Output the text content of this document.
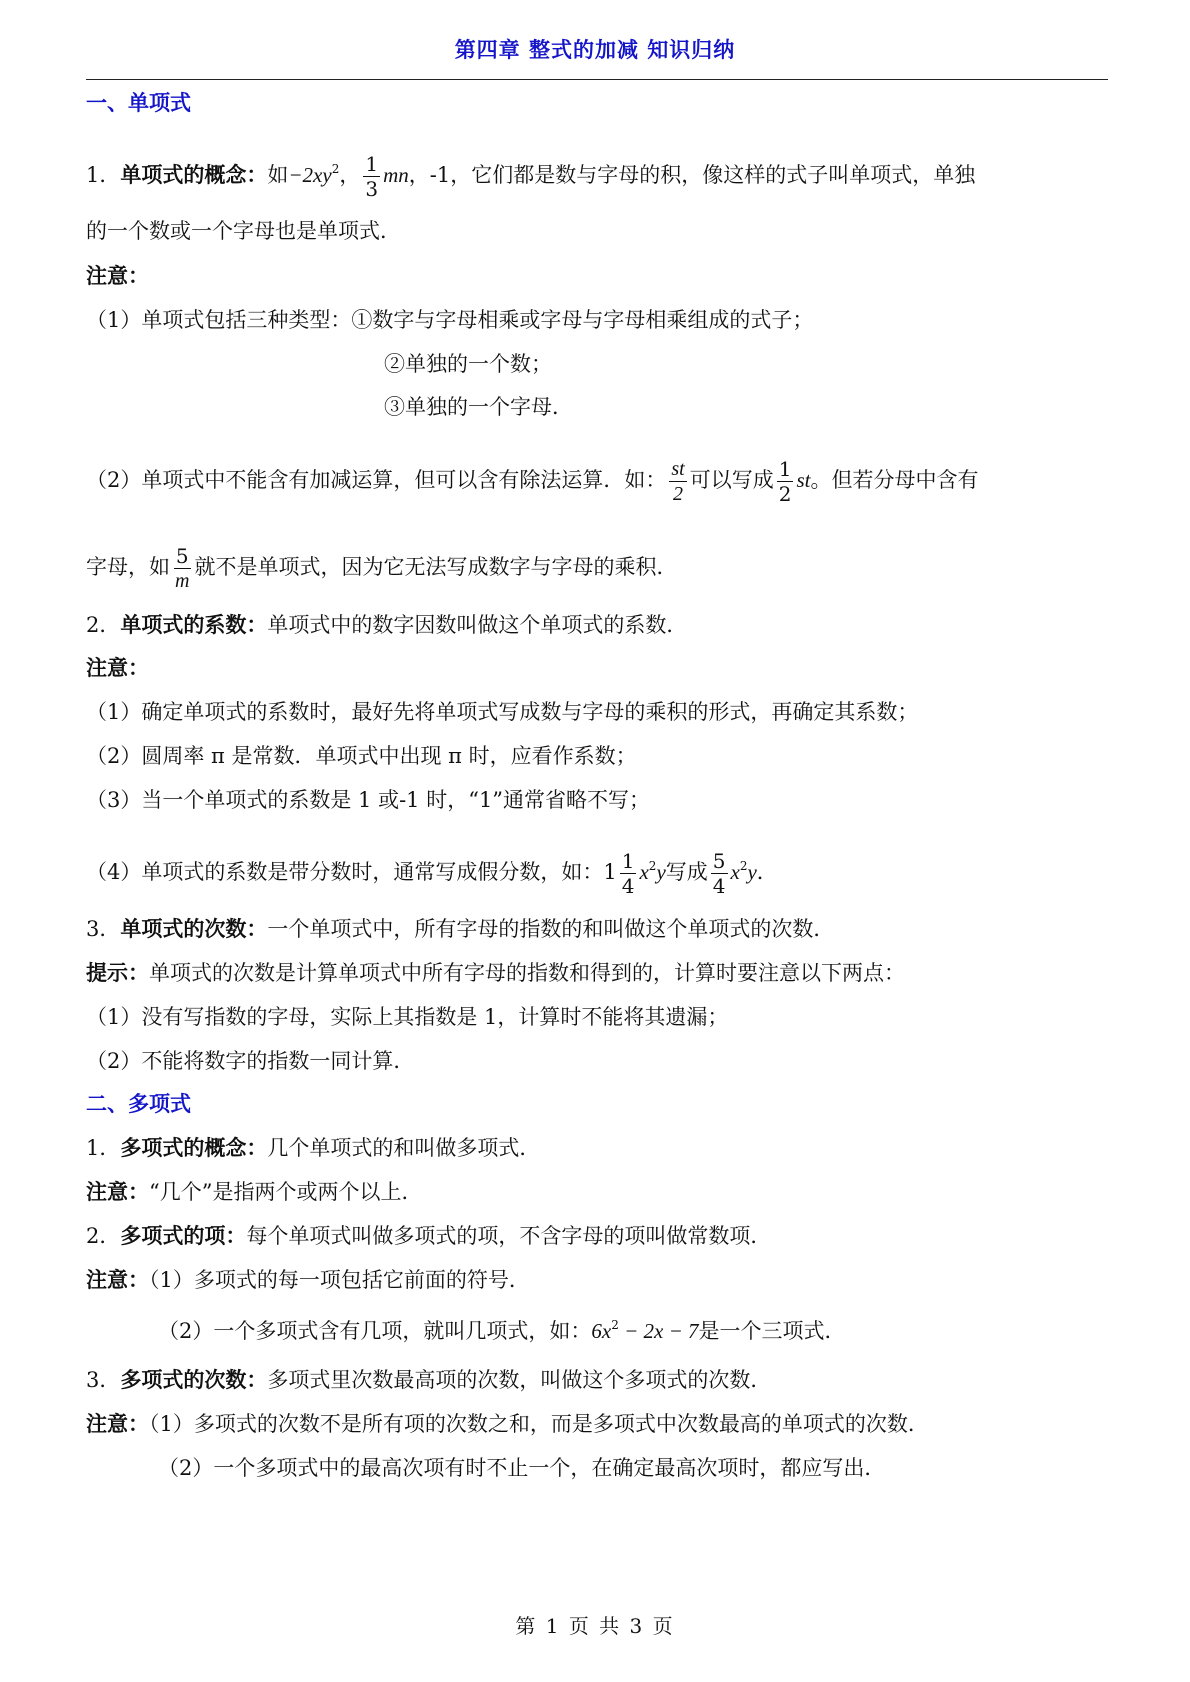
第四章 整式的加减 知识归纳
一、单项式
1．单项式的概念：如$-2xy^2$， $\frac{1}{3}$ mn，-1，它们都是数与字母的积，像这样的式子叫单项式，单独
的一个数或一个字母也是单项式．
注意：
（1）单项式包括三种类型：①数字与字母相乘或字母与字母相乘组成的式子；
②单独的一个数；
③单独的一个字母．
（2）单项式中不能含有加减运算，但可以含有除法运算．如： $\frac{st}{2}$ 可以写成 $\frac{1}{2}$ st。但若分母中含有
字母，如 $\frac{5}{m}$ 就不是单项式，因为它无法写成数字与字母的乘积．
2．单项式的系数：单项式中的数字因数叫做这个单项式的系数．
注意：
（1）确定单项式的系数时，最好先将单项式写成数与字母的乘积的形式，再确定其系数；
（2）圆周率 π 是常数．单项式中出现 π 时，应看作系数；
（3）当一个单项式的系数是 1 或-1 时，“1”通常省略不写；
（4）单项式的系数是带分数时，通常写成假分数，如：$1 \frac{1}{4} x^2y$写成 $\frac{5}{4} x^2y$．
3．单项式的次数：一个单项式中，所有字母的指数的和叫做这个单项式的次数．
提示：单项式的次数是计算单项式中所有字母的指数和得到的，计算时要注意以下两点：
（1）没有写指数的字母，实际上其指数是 1，计算时不能将其遗漏；
（2）不能将数字的指数一同计算．
二、多项式
1．多项式的概念：几个单项式的和叫做多项式．
注意：“几个”是指两个或两个以上．
2．多项式的项：每个单项式叫做多项式的项，不含字母的项叫做常数项．
注意：（1）多项式的每一项包括它前面的符号．
（2）一个多项式含有几项，就叫几项式，如：$6x^2 - 2x - 7$是一个三项式．
3．多项式的次数：多项式里次数最高项的次数，叫做这个多项式的次数．
注意：（1）多项式的次数不是所有项的次数之和，而是多项式中次数最高的单项式的次数．
（2）一个多项式中的最高次项有时不止一个，在确定最高次项时，都应写出．
第 1 页 共 3 页
